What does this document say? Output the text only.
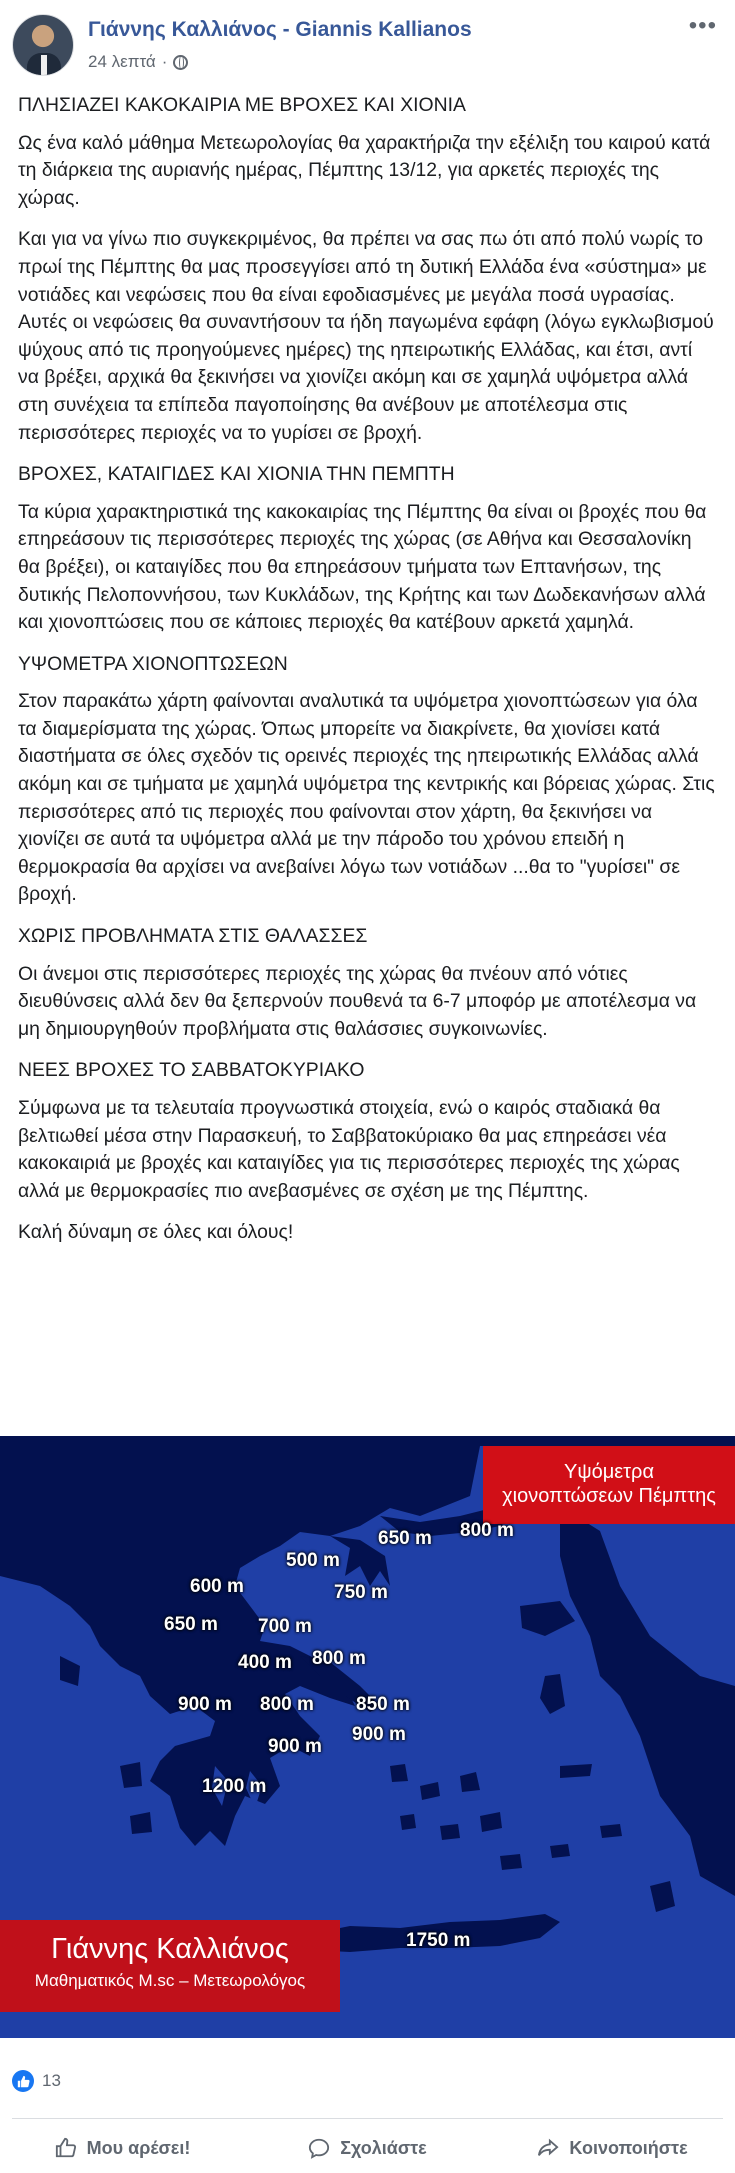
Γιάννης Καλλιάνος - Giannis Kallianos
24 λεπτά ·
•••

ΠΛΗΣΙΑΖΕΙ ΚΑΚΟΚΑΙΡΙΑ ΜΕ ΒΡΟΧΕΣ ΚΑΙ ΧΙΟΝΙΑ

Ως ένα καλό μάθημα Μετεωρολογίας θα χαρακτήριζα την εξέλιξη του καιρού κατά τη διάρκεια της αυριανής ημέρας, Πέμπτης 13/12, για αρκετές περιοχές της χώρας.

Και για να γίνω πιο συγκεκριμένος, θα πρέπει να σας πω ότι από πολύ νωρίς το πρωί της Πέμπτης θα μας προσεγγίσει από τη δυτική Ελλάδα ένα «σύστημα» με νοτιάδες και νεφώσεις που θα είναι εφοδιασμένες με μεγάλα ποσά υγρασίας. Αυτές οι νεφώσεις θα συναντήσουν τα ήδη παγωμένα εφάφη (λόγω εγκλωβισμού ψύχους από τις προηγούμενες ημέρες) της ηπειρωτικής Ελλάδας, και έτσι, αντί να βρέξει, αρχικά θα ξεκινήσει να χιονίζει ακόμη και σε χαμηλά υψόμετρα αλλά στη συνέχεια τα επίπεδα παγοποίησης θα ανέβουν με αποτέλεσμα στις περισσότερες περιοχές να το γυρίσει σε βροχή.

ΒΡΟΧΕΣ, ΚΑΤΑΙΓΙΔΕΣ ΚΑΙ ΧΙΟΝΙΑ ΤΗΝ ΠΕΜΠΤΗ

Τα κύρια χαρακτηριστικά της κακοκαιρίας της Πέμπτης θα είναι οι βροχές που θα επηρεάσουν τις περισσότερες περιοχές της χώρας (σε Αθήνα και Θεσσαλονίκη θα βρέξει), οι καταιγίδες που θα επηρεάσουν τμήματα των Επτανήσων, της δυτικής Πελοποννήσου, των Κυκλάδων, της Κρήτης και των Δωδεκανήσων αλλά και χιονοπτώσεις που σε κάποιες περιοχές θα κατέβουν αρκετά χαμηλά.

ΥΨΟΜΕΤΡΑ ΧΙΟΝΟΠΤΩΣΕΩΝ

Στον παρακάτω χάρτη φαίνονται αναλυτικά τα υψόμετρα χιονοπτώσεων για όλα τα διαμερίσματα της χώρας. Όπως μπορείτε να διακρίνετε, θα χιονίσει κατά διαστήματα σε όλες σχεδόν τις ορεινές περιοχές της ηπειρωτικής Ελλάδας αλλά ακόμη και σε τμήματα με χαμηλά υψόμετρα της κεντρικής και βόρειας χώρας. Στις περισσότερες από τις περιοχές που φαίνονται στον χάρτη, θα ξεκινήσει να χιονίζει σε αυτά τα υψόμετρα αλλά με την πάροδο του χρόνου επειδή η θερμοκρασία θα αρχίσει να ανεβαίνει λόγω των νοτιάδων ...θα το "γυρίσει" σε βροχή.

ΧΩΡΙΣ ΠΡΟΒΛΗΜΑΤΑ ΣΤΙΣ ΘΑΛΑΣΣΕΣ

Οι άνεμοι στις περισσότερες περιοχές της χώρας θα πνέουν από νότιες διευθύνσεις αλλά δεν θα ξεπερνούν πουθενά τα 6-7 μποφόρ με αποτέλεσμα να μη δημιουργηθούν προβλήματα στις θαλάσσιες συγκοινωνίες.

ΝΕΕΣ ΒΡΟΧΕΣ ΤΟ ΣΑΒΒΑΤΟΚΥΡΙΑΚΟ

Σύμφωνα με τα τελευταία προγνωστικά στοιχεία, ενώ ο καιρός σταδιακά θα βελτιωθεί μέσα στην Παρασκευή, το Σαββατοκύριακο θα μας επηρεάσει νέα κακοκαιριά με βροχές και καταιγίδες για τις περισσότερες περιοχές της χώρας αλλά με θερμοκρασίες πιο ανεβασμένες σε σχέση με της Πέμπτης.

Καλή δύναμη σε όλες και όλους!

Υψόμετρα
χιονοπτώσεων Πέμπτης
650 m 800 m
500 m
600 m	750 m
650 m 700 m
800 m
400 m
900 m 800 m 850 m
900 m
900 m
1200 m
1750 m
Γιάννης Καλλιάνος
Μαθηματικός M.sc – Μετεωρολόγος
13
Μου αρέσει!	Σχολιάστε	Κοινοποιήστε
